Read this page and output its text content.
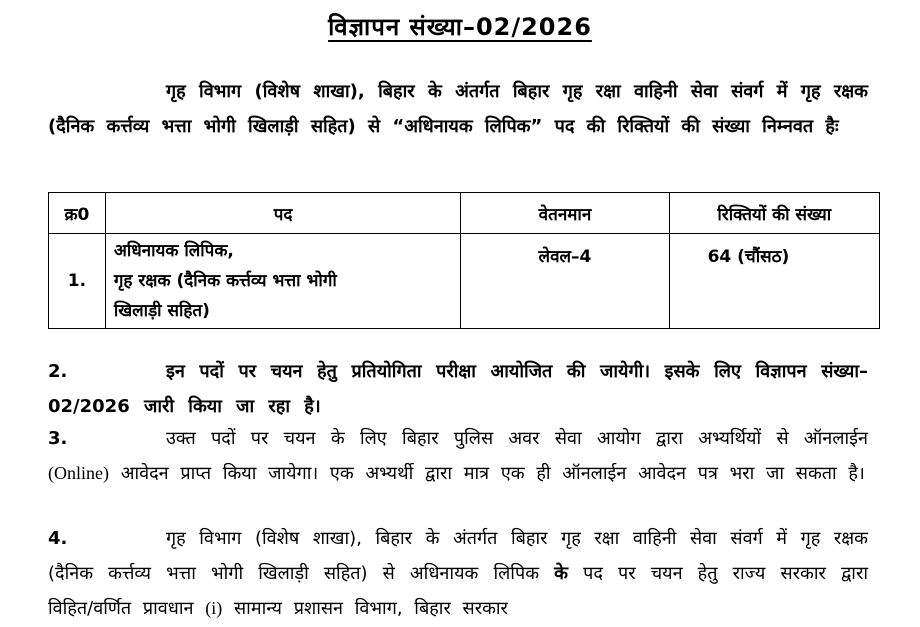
विज्ञापन संख्या–02/2026
गृह विभाग (विशेष शाखा), बिहार के अंतर्गत बिहार गृह रक्षा वाहिनी सेवा संवर्ग में गृह रक्षक (दैनिक कर्त्तव्य भत्ता भोगी खिलाड़ी सहित) से “अधिनायक लिपिक” पद की रिक्तियों की संख्या निम्नवत हैः
क्र0	पद	वेतनमान	रिक्तियों की संख्या
1.	अधिनायक लिपिक,
गृह रक्षक (दैनिक कर्त्तव्य भत्ता भोगी
खिलाड़ी सहित)	लेवल–4	64 (चौंसठ)
2.	इन पदों पर चयन हेतु प्रतियोगिता परीक्षा आयोजित की जायेगी। इसके लिए विज्ञापन संख्या–02/2026 जारी किया जा रहा है।
3.	उक्त पदों पर चयन के लिए बिहार पुलिस अवर सेवा आयोग द्वारा अभ्यर्थियों से ऑनलाईन (Online) आवेदन प्राप्त किया जायेगा। एक अभ्यर्थी द्वारा मात्र एक ही ऑनलाईन आवेदन पत्र भरा जा सकता है।
4.	गृह विभाग (विशेष शाखा), बिहार के अंतर्गत बिहार गृह रक्षा वाहिनी सेवा संवर्ग में गृह रक्षक (दैनिक कर्त्तव्य भत्ता भोगी खिलाड़ी सहित) से अधिनायक लिपिक के पद पर चयन हेतु राज्य सरकार द्वारा विहित/वर्णित प्रावधान (i) सामान्य प्रशासन विभाग, बिहार सरकार
